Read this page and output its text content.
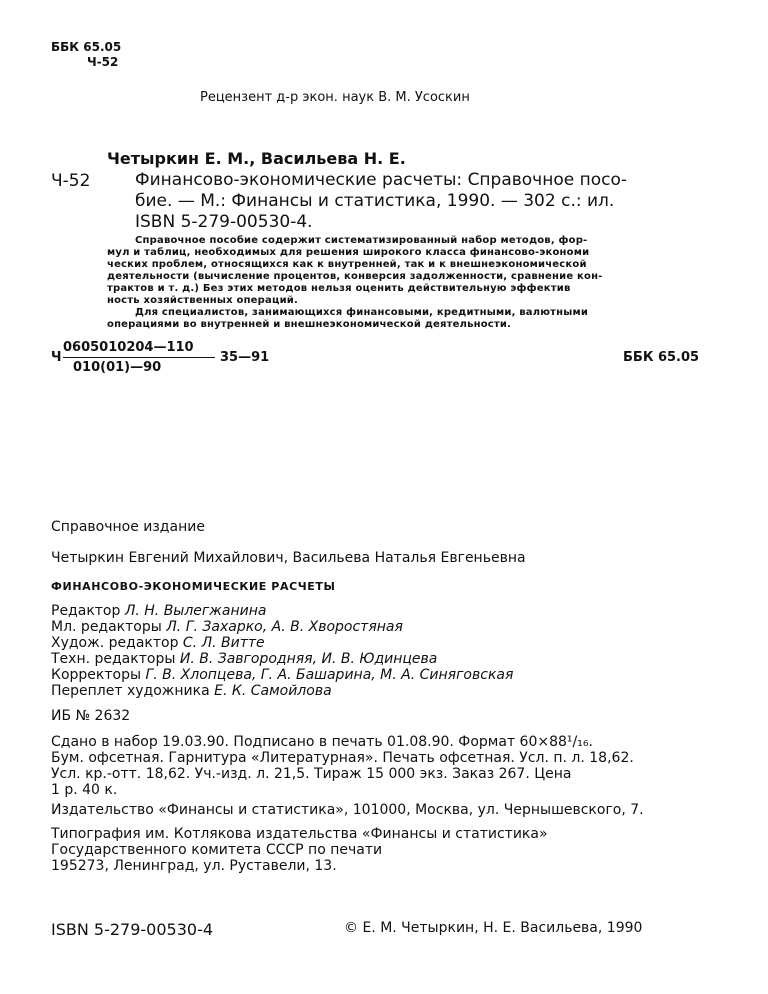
ББК 65.05
Ч-52
Рецензент д-р экон. наук В. М. Усоскин
Четыркин Е. М., Васильева Н. Е.
Ч-52	Финансово-экономические расчеты: Справочное посо-
бие. — М.: Финансы и статистика, 1990. — 302 с.: ил.
ISBN 5-279-00530-4.
Справочное пособие содержит систематизированный набор методов, фор-
мул и таблиц, необходимых для решения широкого класса финансово-экономи
ческих проблем, относящихся как к внутренней, так и к внешнеэкономической
деятельности (вычисление процентов, конверсия задолженности, сравнение кон-
трактов и т. д.) Без этих методов нельзя оценить действительную эффектив
ность хозяйственных операций.
Для специалистов, занимающихся финансовыми, кредитными, валютными
операциями во внутренней и внешнеэкономической деятельности.
Ч
0605010204—110
010(01)—90
35—91	ББК 65.05
Справочное издание
Четыркин Евгений Михайлович, Васильева Наталья Евгеньевна
ФИНАНСОВО-ЭКОНОМИЧЕСКИЕ РАСЧЕТЫ
Редактор Л. Н. Вылегжанина
Мл. редакторы Л. Г. Захарко, А. В. Хворостяная
Худож. редактор С. Л. Витте
Техн. редакторы И. В. Завгородняя, И. В. Юдинцева
Корректоры Г. В. Хлопцева, Г. А. Башарина, М. А. Синяговская
Переплет художника Е. К. Самойлова
ИБ № 2632
Сдано в набор 19.03.90. Подписано в печать 01.08.90. Формат 60×88¹/₁₆.
Бум. офсетная. Гарнитура «Литературная». Печать офсетная. Усл. п. л. 18,62.
Усл. кр.-отт. 18,62. Уч.-изд. л. 21,5. Тираж 15 000 экз. Заказ 267. Цена
1 р. 40 к.
Издательство «Финансы и статистика», 101000, Москва, ул. Чернышевского, 7.
Типография им. Котлякова издательства «Финансы и статистика»
Государственного комитета СССР по печати
195273, Ленинград, ул. Руставели, 13.
ISBN 5-279-00530-4	© Е. М. Четыркин, Н. Е. Васильева, 1990
